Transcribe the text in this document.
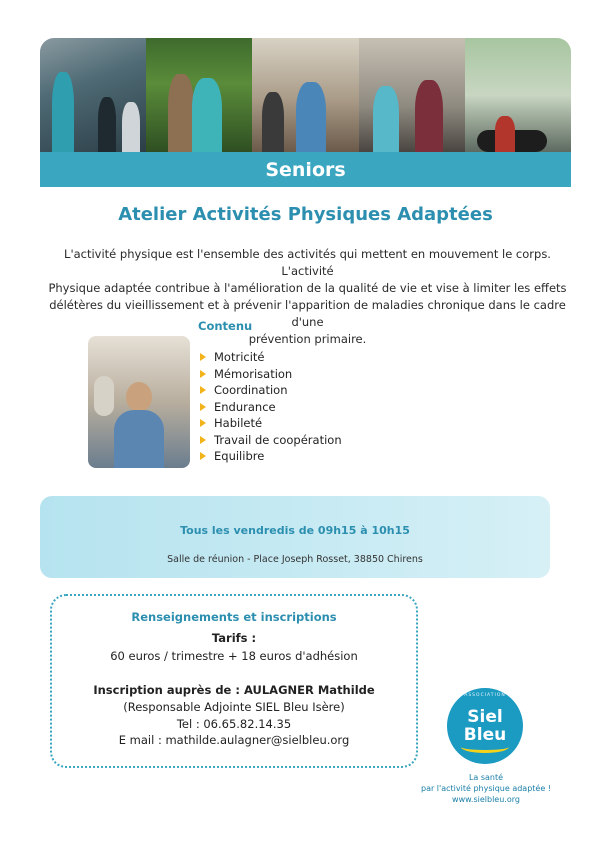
Seniors
Atelier Activités Physiques Adaptées
L'activité physique est l'ensemble des activités qui mettent en mouvement le corps. L'activité
Physique adaptée contribue à l'amélioration de la qualité de vie et vise à limiter les effets
délétères du vieillissement et à prévenir l'apparition de maladies chronique dans le cadre d'une
prévention primaire.
Contenu
Motricité
Mémorisation
Coordination
Endurance
Habileté
Travail de coopération
Equilibre
Tous les vendredis de 09h15 à 10h15
Salle de réunion - Place Joseph Rosset, 38850 Chirens
Renseignements et inscriptions
Tarifs :
60 euros / trimestre + 18 euros d'adhésion
Inscription auprès de : AULAGNER Mathilde
(Responsable Adjointe SIEL Bleu Isère)
Tel : 06.65.82.14.35
E mail : mathilde.aulagner@sielbleu.org
ASSOCIATION
Siel
Bleu
La santé
par l'activité physique adaptée !
www.sielbleu.org
